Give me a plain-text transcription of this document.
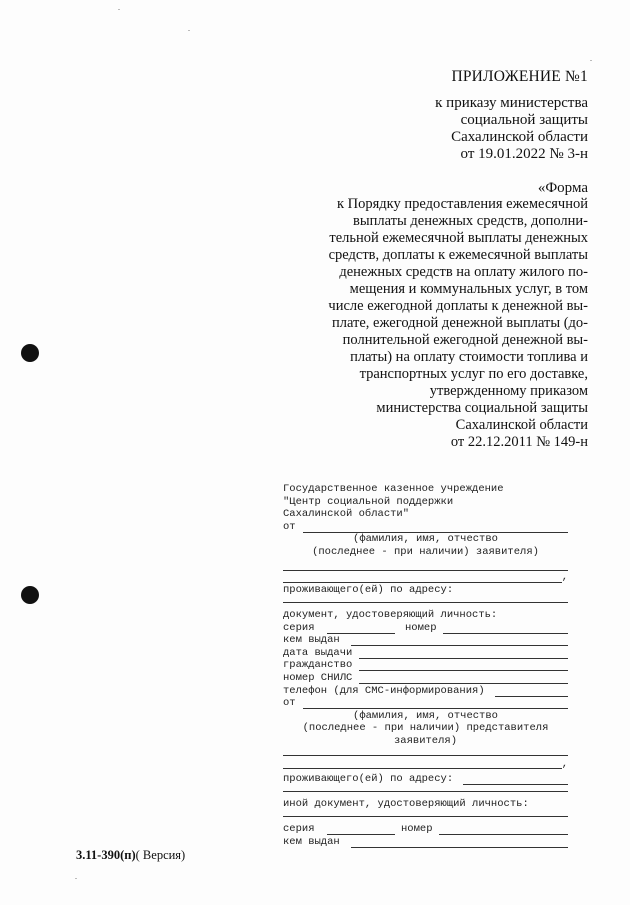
ПРИЛОЖЕНИЕ №1
к приказу министерства
социальной защиты
Сахалинской области
от 19.01.2022 № 3-н
«Форма
к Порядку предоставления ежемесячной
выплаты денежных средств, дополни-
тельной ежемесячной выплаты денежных
средств, доплаты к ежемесячной выплаты
денежных средств на оплату жилого по-
мещения и коммунальных услуг, в том
числе ежегодной доплаты к денежной вы-
плате, ежегодной денежной выплаты (до-
полнительной ежегодной денежной вы-
платы) на оплату стоимости топлива и
транспортных услуг по его доставке,
утвержденному приказом
министерства социальной защиты
Сахалинской области
от 22.12.2011 № 149-н
Государственное казенное учреждение
"Центр социальной поддержки
Сахалинской области"
от
(фамилия, имя, отчество
(последнее - при наличии) заявителя)
,
проживающего(ей) по адресу:
документ, удостоверяющий личность:
серия	номер
кем выдан
дата выдачи
гражданство
номер СНИЛС
телефон (для СМС-информирования)
от
(фамилия, имя, отчество
(последнее - при наличии) представителя
заявителя)
,
проживающего(ей) по адресу:
иной документ, удостоверяющий личность:
серия	номер
кем выдан
3.11-390(п)( Версия)
